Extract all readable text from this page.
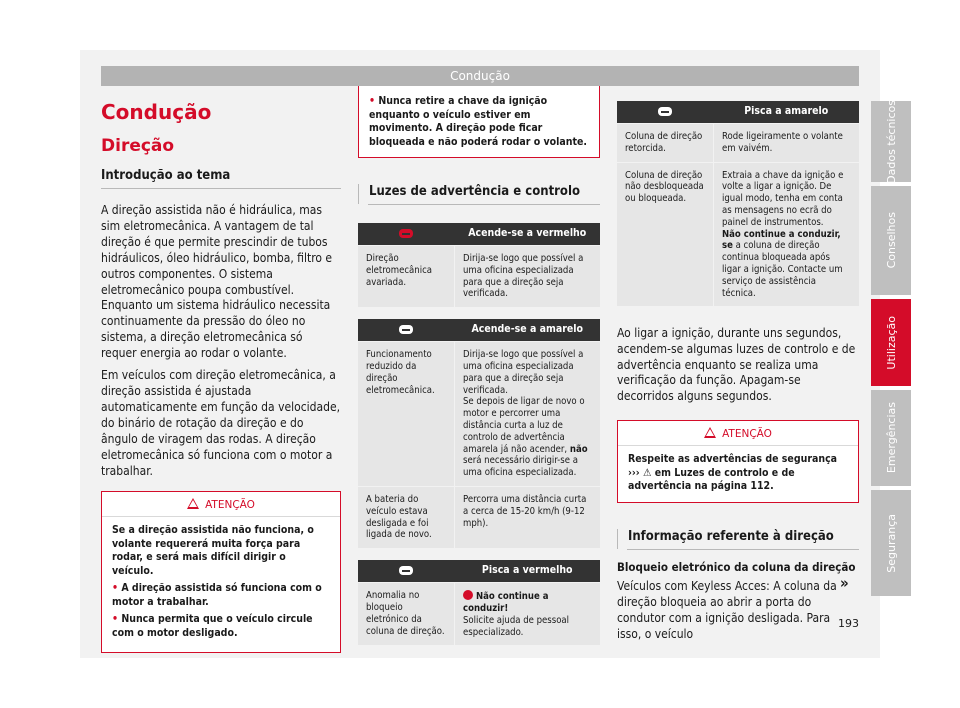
Condução
Condução
Direção
Introdução ao tema

A direção assistida não é hidráulica, mas sim eletromecânica. A vantagem de tal direção é que permite prescindir de tubos hidráulicos, óleo hidráulico, bomba, filtro e outros componentes. O sistema eletromecânico poupa combustível. Enquanto um sistema hidráulico necessita continuamente da pressão do óleo no sistema, a direção eletromecânica só requer energia ao rodar o volante.

Em veículos com direção eletromecânica, a direção assistida é ajustada automaticamente em função da velocidade, do binário de rotação da direção e do ângulo de viragem das rodas. A direção eletromecânica só funciona com o motor a trabalhar.

ATENÇÃO

Se a direção assistida não funciona, o volante requererá muita força para rodar, e será mais difícil dirigir o veículo.

• A direção assistida só funciona com o motor a trabalhar.

• Nunca permita que o veículo circule com o motor desligado.

• Nunca retire a chave da ignição enquanto o veículo estiver em movimento. A direção pode ficar bloqueada e não poderá rodar o volante.

Luzes de advertência e controlo
	Acende-se a vermelho
Direção eletromecânica avariada.	Dirija-se logo que possível a uma oficina especializada para que a direção seja verificada.
	Acende-se a amarelo
Funcionamento reduzido da direção eletromecânica.	Dirija-se logo que possível a uma oficina especializada para que a direção seja verificada.
Se depois de ligar de novo o motor e percorrer uma distância curta a luz de controlo de advertência amarela já não acender, não será necessário dirigir-se a uma oficina especializada.
A bateria do veículo estava desligada e foi ligada de novo.	Percorra uma distância curta a cerca de 15-20 km/h (9-12 mph).
	Pisca a vermelho
Anomalia no bloqueio eletrónico da coluna de direção.	Não continue a conduzir!
Solicite ajuda de pessoal especializado.
	Pisca a amarelo
Coluna de direção retorcida.	Rode ligeiramente o volante em vaivém.
Coluna de direção não desbloqueada ou bloqueada.	Extraia a chave da ignição e volte a ligar a ignição. De igual modo, tenha em conta as mensagens no ecrã do painel de instrumentos.
Não continue a conduzir, se a coluna de direção continua bloqueada após ligar a ignição. Contacte um serviço de assistência técnica.

Ao ligar a ignição, durante uns segundos, acendem-se algumas luzes de controlo e de advertência enquanto se realiza uma verificação da função. Apagam-se decorridos alguns segundos.

ATENÇÃO

Respeite as advertências de segurança ››› ⚠ em Luzes de controlo e de advertência na página 112.

Informação referente à direção
Bloqueio eletrónico da coluna da direção

Veículos com Keyless Acces: A coluna da direção bloqueia ao abrir a porta do condutor com a ignição desligada. Para isso, o veículo

»
Dados técnicos
Conselhos
Utilização
Emergências
Segurança
193
